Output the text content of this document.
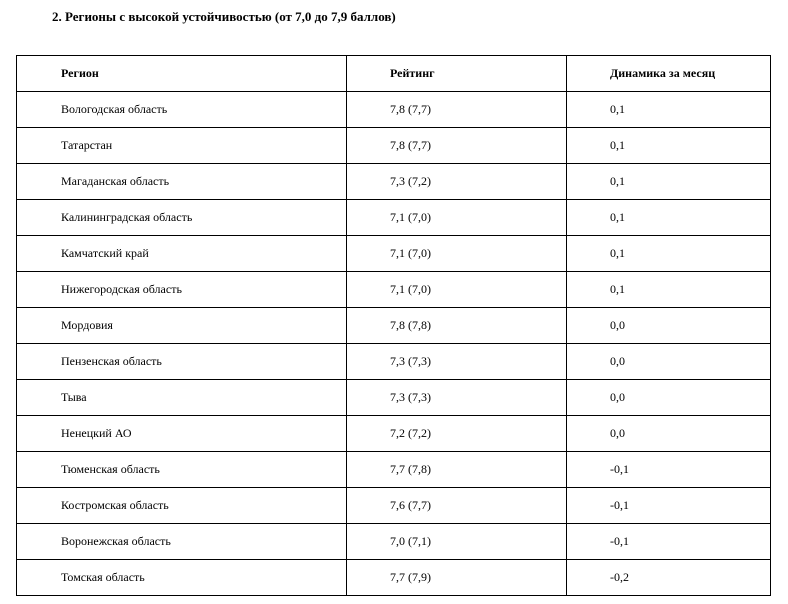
2. Регионы с высокой устойчивостью (от 7,0 до 7,9 баллов)
Регион	Рейтинг	Динамика за месяц
Вологодская область	7,8 (7,7)	0,1
Татарстан	7,8 (7,7)	0,1
Магаданская область	7,3 (7,2)	0,1
Калининградская область	7,1 (7,0)	0,1
Камчатский край	7,1 (7,0)	0,1
Нижегородская область	7,1 (7,0)	0,1
Мордовия	7,8 (7,8)	0,0
Пензенская область	7,3 (7,3)	0,0
Тыва	7,3 (7,3)	0,0
Ненецкий АО	7,2 (7,2)	0,0
Тюменская область	7,7 (7,8)	-0,1
Костромская область	7,6 (7,7)	-0,1
Воронежская область	7,0 (7,1)	-0,1
Томская область	7,7 (7,9)	-0,2
